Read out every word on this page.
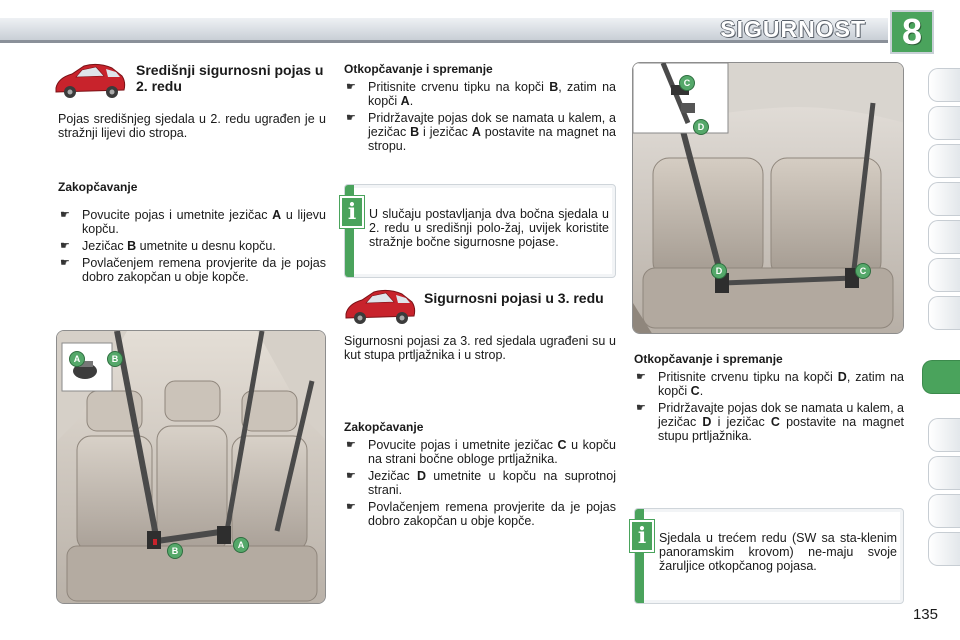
SIGURNOST 8
Središnji sigurnosni pojas u 2. redu
Pojas središnjeg sjedala u 2. redu ugrađen je u stražnji lijevi dio stropa.
Zakopčavanje
☛ Povucite pojas i umetnite jezičac A u lijevu kopču.
☛ Jezičac B umetnite u desnu kopču.
☛ Povlačenjem remena provjerite da je pojas dobro zakopčan u obje kopče.
A	B
B
A
Otkopčavanje i spremanje
☛ Pritisnite crvenu tipku na kopči B, zatim na kopči A.
☛ Pridržavajte pojas dok se namata u kalem, a jezičac B i jezičac A postavite na magnet na stropu.
U slučaju postavljanja dva bočna sjedala u 2. redu u središnji polo-žaj, uvijek koristite stražnje bočne sigurnosne pojase.
i
Sigurnosni pojasi u 3. redu
Sigurnosni pojasi za 3. red sjedala ugrađeni su u kut stupa prtljažnika i u strop.
Zakopčavanje
☛ Povucite pojas i umetnite jezičac C u kopču na strani bočne obloge prtljažnika.
☛ Jezičac D umetnite u kopču na suprotnoj strani.
☛ Povlačenjem remena provjerite da je pojas dobro zakopčan u obje kopče.
C
D
D	C
Otkopčavanje i spremanje
☛ Pritisnite crvenu tipku na kopči D, zatim na kopči C.
☛ Pridržavajte pojas dok se namata u kalem, a jezičac D i jezičac C postavite na magnet stupu prtljažnika.
Sjedala u trećem redu (SW sa sta-klenim panoramskim krovom) ne-maju svoje žaruljice otkopčanog pojasa.
i
135
